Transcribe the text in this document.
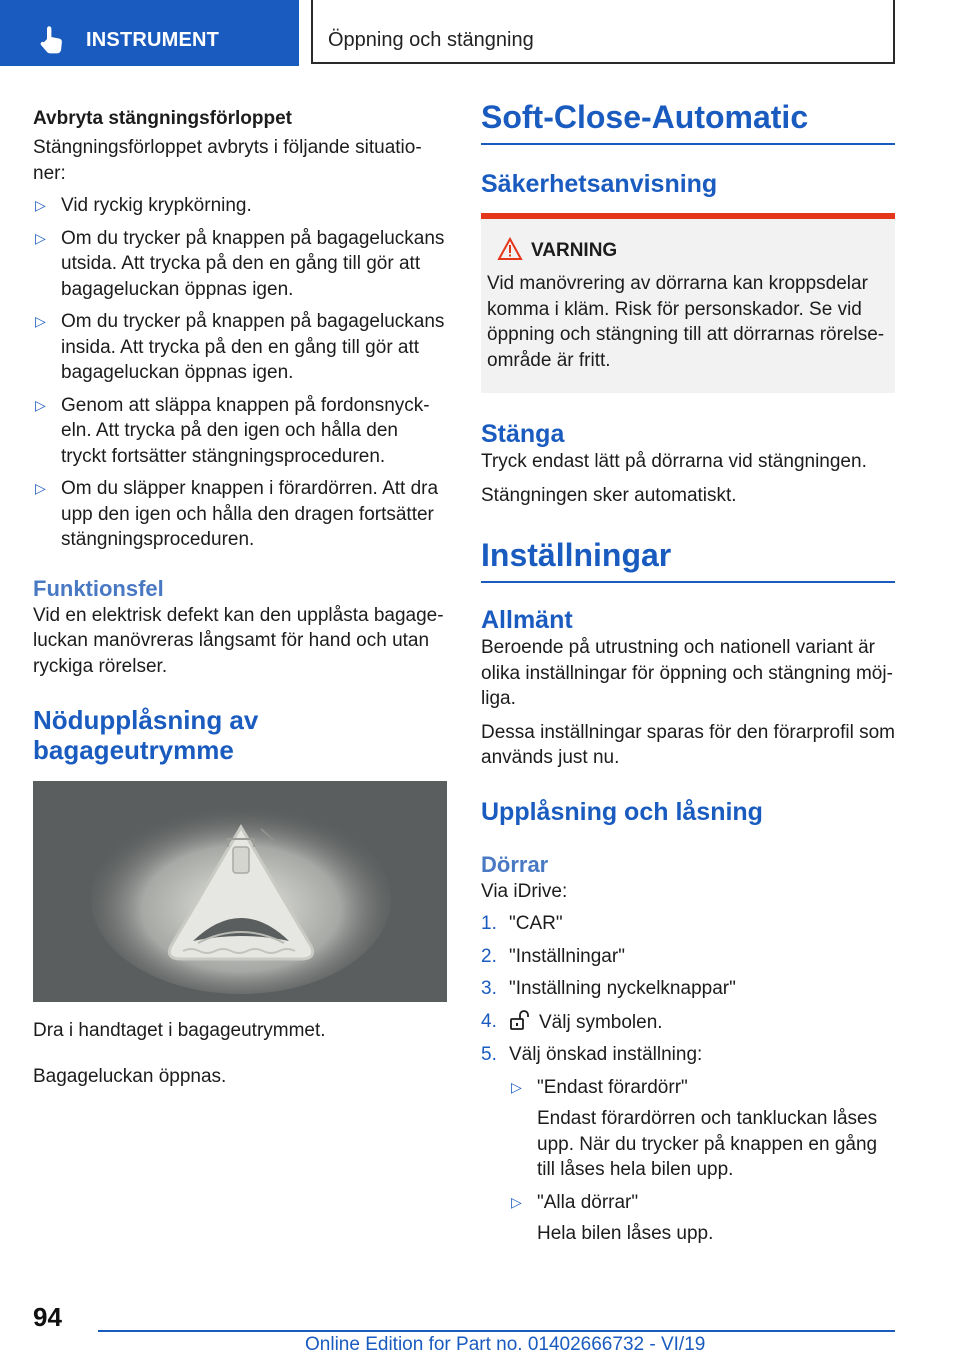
INSTRUMENT	Öppning och stängning
Avbryta stängningsförloppet

Stängningsförloppet avbryts i följande situatio-ner:

▷ Vid ryckig krypkörning.
▷ Om du trycker på knappen på bagageluckans utsida. Att trycka på den en gång till gör att bagageluckan öppnas igen.
▷ Om du trycker på knappen på bagageluckans insida. Att trycka på den en gång till gör att bagageluckan öppnas igen.
▷ Genom att släppa knappen på fordonsnyck-eln. Att trycka på den igen och hålla den tryckt fortsätter stängningsproceduren.
▷ Om du släpper knappen i förardörren. Att dra upp den igen och hålla den dragen fortsätter stängningsproceduren.
Funktionsfel

Vid en elektrisk defekt kan den upplåsta bagage-luckan manövreras långsamt för hand och utan ryckiga rörelser.

Nödupplåsning av bagageutrymme

Dra i handtaget i bagageutrymmet.

Bagageluckan öppnas.

Soft-Close-Automatic
Säkerhetsanvisning
VARNING

Vid manövrering av dörrarna kan kroppsdelar komma i kläm. Risk för personskador. Se vid öppning och stängning till att dörrarnas rörelse-område är fritt.

Stänga

Tryck endast lätt på dörrarna vid stängningen.

Stängningen sker automatiskt.

Inställningar
Allmänt

Beroende på utrustning och nationell variant är olika inställningar för öppning och stängning möj-liga.

Dessa inställningar sparas för den förarprofil som används just nu.

Upplåsning och låsning
Dörrar

Via iDrive:

1. "CAR"
2. "Inställningar"
3. "Inställning nyckelknappar"
4. Välj symbolen.
5. Välj önskad inställning:
▷ "Endast förardörr"

Endast förardörren och tankluckan låses upp. När du trycker på knappen en gång till låses hela bilen upp.

▷ "Alla dörrar"

Hela bilen låses upp.

94
Online Edition for Part no. 01402666732 - VI/19
